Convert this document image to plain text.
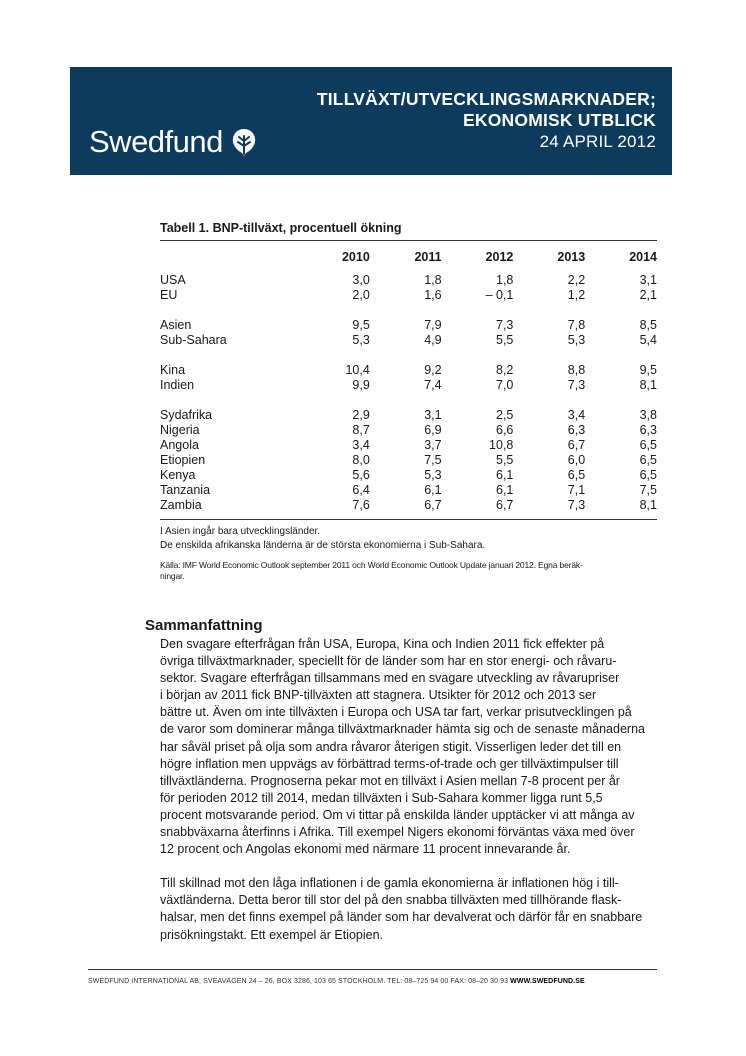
Swedfund
TILLVÄXT/UTVECKLINGSMARKNADER;
EKONOMISK UTBLICK
24 APRIL 2012
Tabell 1. BNP-tillväxt, procentuell ökning
	2010	2011	2012	2013	2014
USA	3,0	1,8	1,8	2,2	3,1
EU	2,0	1,6	– 0,1	1,2	2,1

Asien	9,5	7,9	7,3	7,8	8,5
Sub-Sahara	5,3	4,9	5,5	5,3	5,4

Kina	10,4	9,2	8,2	8,8	9,5
Indien	9,9	7,4	7,0	7,3	8,1

Sydafrika	2,9	3,1	2,5	3,4	3,8
Nigeria	8,7	6,9	6,6	6,3	6,3
Angola	3,4	3,7	10,8	6,7	6,5
Etiopien	8,0	7,5	5,5	6,0	6,5
Kenya	5,6	5,3	6,1	6,5	6,5
Tanzania	6,4	6,1	6,1	7,1	7,5
Zambia	7,6	6,7	6,7	7,3	8,1
I Asien ingår bara utvecklingsländer.
De enskilda afrikanska länderna är de största ekonomierna i Sub-Sahara.
Källa: IMF World Economic Outlook september 2011 och World Economic Outlook Update januari 2012. Egna beräk-
ningar.
Sammanfattning

Den svagare efterfrågan från USA, Europa, Kina och Indien 2011 fick effekter på
övriga tillväxtmarknader, speciellt för de länder som har en stor energi- och råvaru-
sektor. Svagare efterfrågan tillsammans med en svagare utveckling av råvarupriser
i början av 2011 fick BNP-tillväxten att stagnera. Utsikter för 2012 och 2013 ser
bättre ut. Även om inte tillväxten i Europa och USA tar fart, verkar prisutvecklingen på
de varor som dominerar många tillväxtmarknader hämta sig och de senaste månaderna
har såväl priset på olja som andra råvaror återigen stigit. Visserligen leder det till en
högre inflation men uppvägs av förbättrad terms-of-trade och ger tillväxtimpulser till
tillväxtländerna. Prognoserna pekar mot en tillväxt i Asien mellan 7-8 procent per år
för perioden 2012 till 2014, medan tillväxten i Sub-Sahara kommer ligga runt 5,5
procent motsvarande period. Om vi tittar på enskilda länder upptäcker vi att många av
snabbväxarna återfinns i Afrika. Till exempel Nigers ekonomi förväntas växa med över
12 procent och Angolas ekonomi med närmare 11 procent innevarande år.

Till skillnad mot den låga inflationen i de gamla ekonomierna är inflationen hög i till-
växtländerna. Detta beror till stor del på den snabba tillväxten med tillhörande flask-
halsar, men det finns exempel på länder som har devalverat och därför får en snabbare
prisökningstakt. Ett exempel är Etiopien.

SWEDFUND INTERNATIONAL AB, SVEAVÄGEN 24 – 26, BOX 3286, 103 65 STOCKHOLM. TEL: 08–725 94 00 FAX: 08–20 30 93 WWW.SWEDFUND.SE
